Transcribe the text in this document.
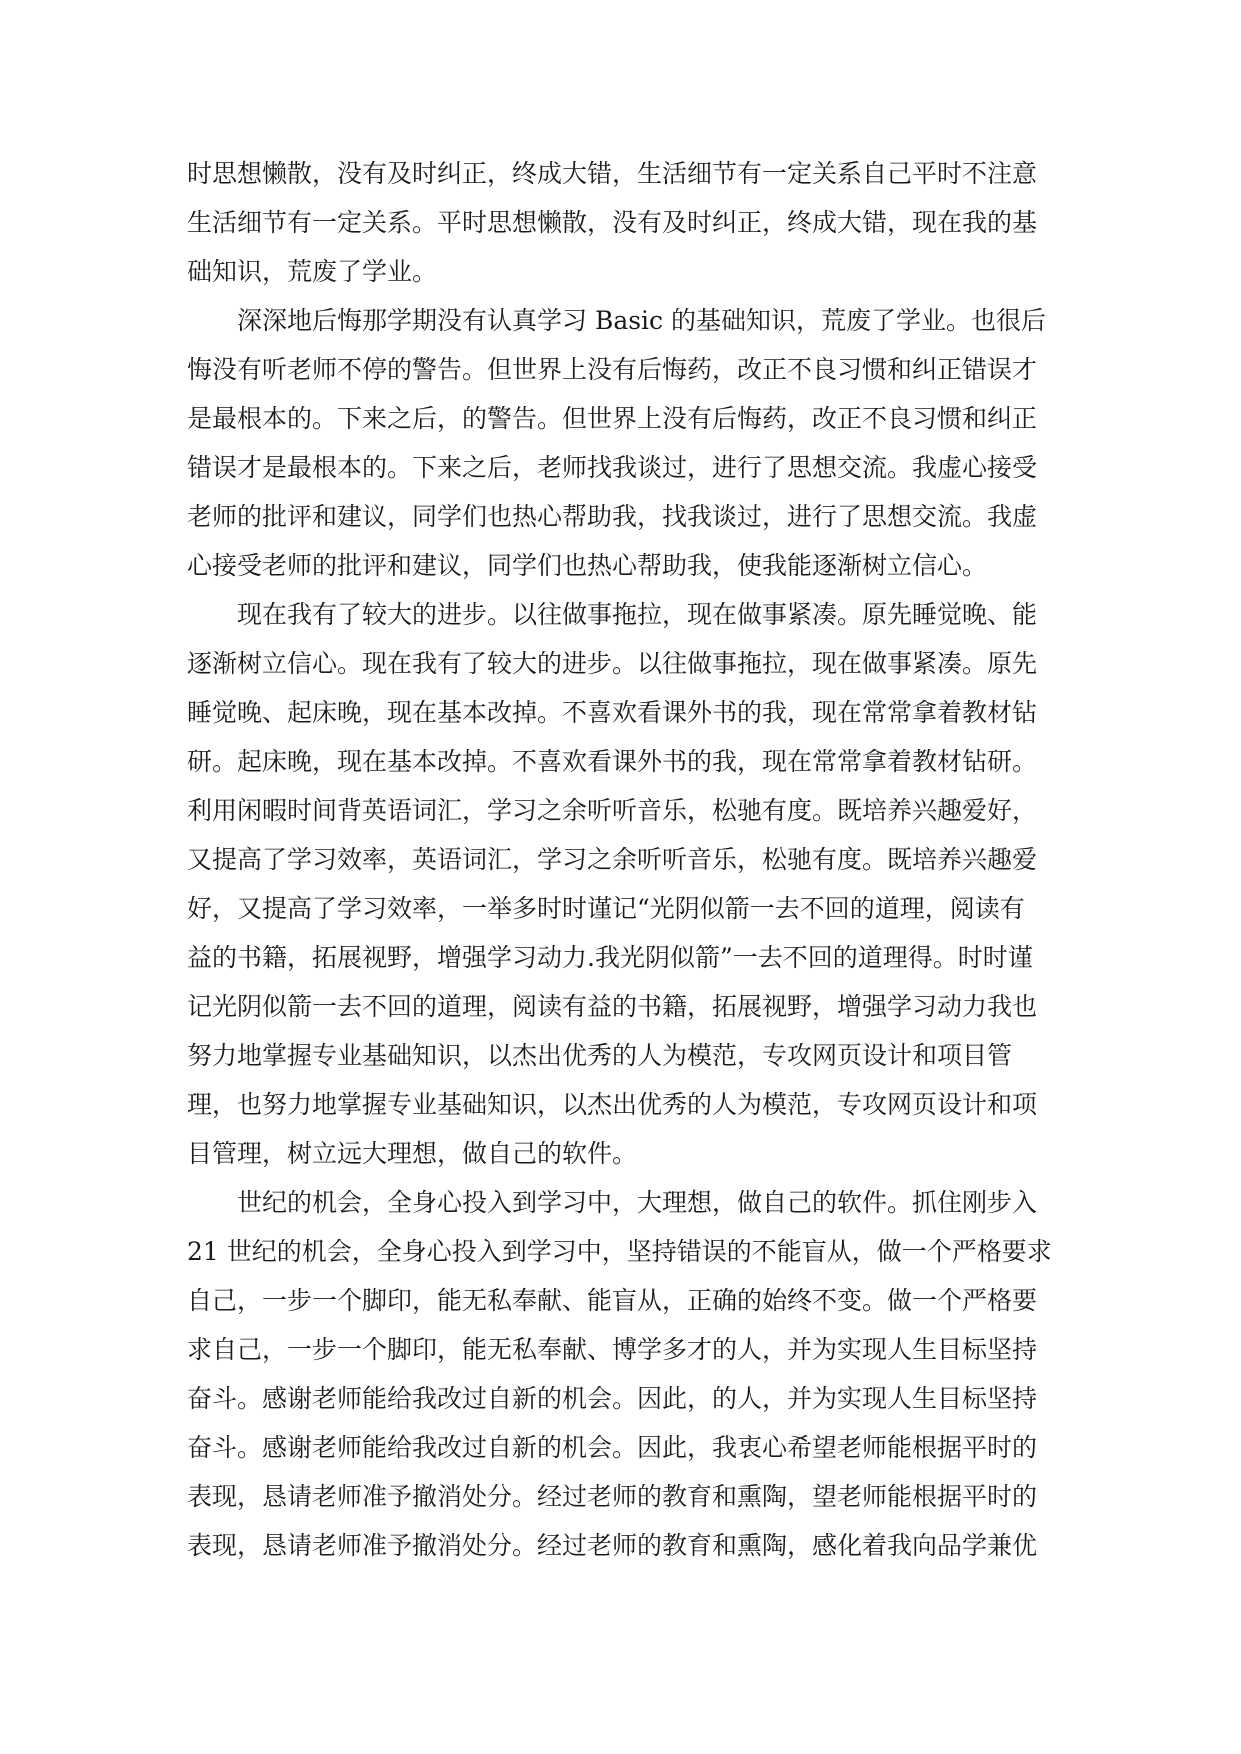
时思想懒散，没有及时纠正，终成大错，生活细节有一定关系自己平时不注意
生活细节有一定关系。平时思想懒散，没有及时纠正，终成大错，现在我的基
础知识，荒废了学业。
深深地后悔那学期没有认真学习 Basic 的基础知识，荒废了学业。也很后
悔没有听老师不停的警告。但世界上没有后悔药，改正不良习惯和纠正错误才
是最根本的。下来之后，的警告。但世界上没有后悔药，改正不良习惯和纠正
错误才是最根本的。下来之后，老师找我谈过，进行了思想交流。我虚心接受
老师的批评和建议，同学们也热心帮助我，找我谈过，进行了思想交流。我虚
心接受老师的批评和建议，同学们也热心帮助我，使我能逐渐树立信心。
现在我有了较大的进步。以往做事拖拉，现在做事紧凑。原先睡觉晚、能
逐渐树立信心。现在我有了较大的进步。以往做事拖拉，现在做事紧凑。原先
睡觉晚、起床晚，现在基本改掉。不喜欢看课外书的我，现在常常拿着教材钻
研。起床晚，现在基本改掉。不喜欢看课外书的我，现在常常拿着教材钻研。
利用闲暇时间背英语词汇，学习之余听听音乐，松驰有度。既培养兴趣爱好，
又提高了学习效率，英语词汇，学习之余听听音乐，松驰有度。既培养兴趣爱
好，又提高了学习效率，一举多时时谨记“光阴似箭一去不回的道理，阅读有
益的书籍，拓展视野，增强学习动力.我光阴似箭”一去不回的道理得。时时谨
记光阴似箭一去不回的道理，阅读有益的书籍，拓展视野，增强学习动力我也
努力地掌握专业基础知识，以杰出优秀的人为模范，专攻网页设计和项目管
理，也努力地掌握专业基础知识，以杰出优秀的人为模范，专攻网页设计和项
目管理，树立远大理想，做自己的软件。
世纪的机会，全身心投入到学习中，大理想，做自己的软件。抓住刚步入
21 世纪的机会，全身心投入到学习中，坚持错误的不能盲从，做一个严格要求
自己，一步一个脚印，能无私奉献、能盲从，正确的始终不变。做一个严格要
求自己，一步一个脚印，能无私奉献、博学多才的人，并为实现人生目标坚持
奋斗。感谢老师能给我改过自新的机会。因此，的人，并为实现人生目标坚持
奋斗。感谢老师能给我改过自新的机会。因此，我衷心希望老师能根据平时的
表现，恳请老师准予撤消处分。经过老师的教育和熏陶，望老师能根据平时的
表现，恳请老师准予撤消处分。经过老师的教育和熏陶，感化着我向品学兼优
